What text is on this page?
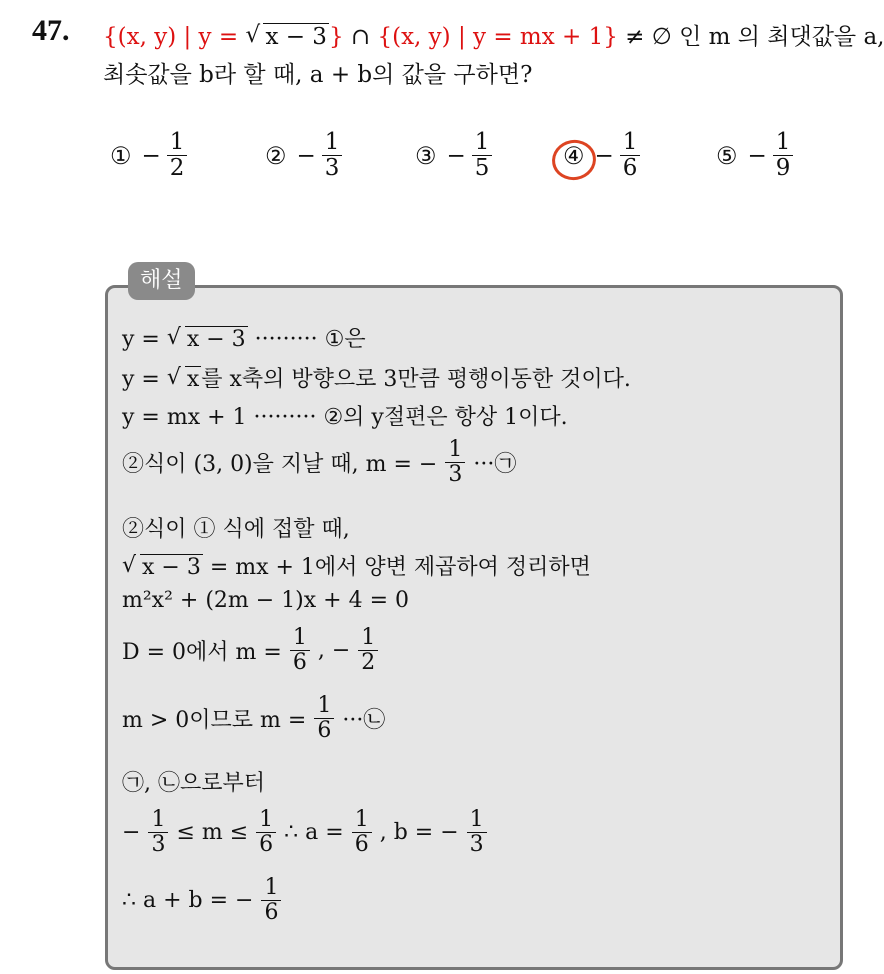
47. {(x, y) | y = √ x − 3} ∩ {(x, y) | y = mx + 1} ≠ ∅ 인 m 의 최댓값을 a,
최솟값을 b라 할 때, a + b의 값을 구하면?
① − $\frac{1}{2}$	② − $\frac{1}{3}$	③ − $\frac{1}{5}$	④ − $\frac{1}{6}$	⑤ − $\frac{1}{9}$
해설
y = √ x − 3 ········· ①은
y = √ x를 x축의 방향으로 3만큼 평행이동한 것이다.
y = mx + 1 ········· ②의 y절편은 항상 1이다.
②식이 (3, 0)을 지날 때, m = − $\frac{1}{3}$ ···㉠
②식이 ① 식에 접할 때,
√ x − 3 = mx + 1에서 양변 제곱하여 정리하면
m²x² + (2m − 1)x + 4 = 0
D = 0에서 $m = \frac{1}{6}$ , − $\frac{1}{2}$
m > 0이므로 $m = \frac{1}{6}$ ···㉡
㉠, ㉡으로부터
− $\frac{1}{3} \le m \le \frac{1}{6}$ ∴ $a = \frac{1}{6}$ , b = − $\frac{1}{3}$
∴ a + b = − $\frac{1}{6}$
